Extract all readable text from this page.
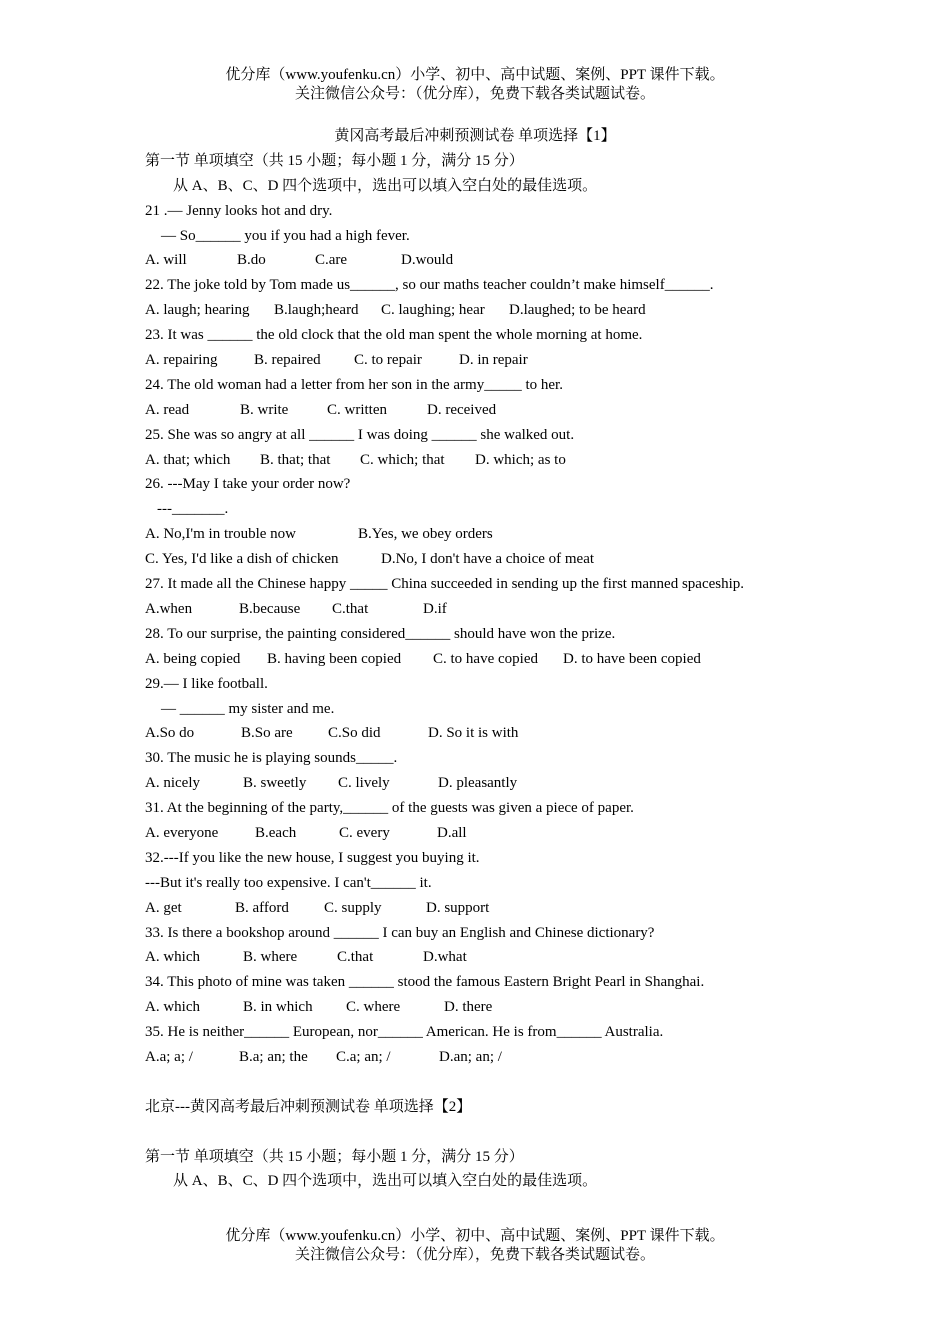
优分库（www.youfenku.cn）小学、初中、高中试题、案例、PPT 课件下载。
关注微信公众号：（优分库），免费下载各类试题试卷。
黄冈高考最后冲刺预测试卷 单项选择【1】
第一节 单项填空（共 15 小题；每小题 1 分，满分 15 分）
从 A、B、C、D 四个选项中，选出可以填入空白处的最佳选项。
21 .— Jenny looks hot and dry.
— So______ you if you had a high fever.
A. will	B.do	C.are	D.would
22. The joke told by Tom made us______, so our maths teacher couldn’t make himself______.
A. laugh; hearing	B.laugh;heard	C. laughing; hear	D.laughed; to be heard
23. It was ______ the old clock that the old man spent the whole morning at home.
A. repairing	B. repaired	C. to repair	D. in repair
24. The old woman had a letter from her son in the army_____ to her.
A. read	B. write	C. written	D. received
25. She was so angry at all ______ I was doing ______ she walked out.
A. that; which	B. that; that	C. which; that	D. which; as to
26. ---May I take your order now?
---_______.
A. No,I'm in trouble now	B.Yes, we obey orders
C. Yes, I'd like a dish of chicken	D.No, I don't have a choice of meat
27. It made all the Chinese happy _____ China succeeded in sending up the first manned spaceship.
A.when	B.because	C.that	D.if
28. To our surprise, the painting considered______ should have won the prize.
A. being copied	B. having been copied	C. to have copied	D. to have been copied
29.— I like football.
— ______ my sister and me.
A.So do	B.So are	C.So did	D. So it is with
30. The music he is playing sounds_____.
A. nicely	B. sweetly	C. lively	D. pleasantly
31. At the beginning of the party,______ of the guests was given a piece of paper.
A. everyone	B.each	C. every	D.all
32.---If you like the new house, I suggest you buying it.
---But it's really too expensive. I can't______ it.
A. get	B. afford	C. supply	D. support
33. Is there a bookshop around ______ I can buy an English and Chinese dictionary?
A. which	B. where	C.that	D.what
34. This photo of mine was taken ______ stood the famous Eastern Bright Pearl in Shanghai.
A. which	B. in which	C. where	D. there
35. He is neither______ European, nor______ American. He is from______ Australia.
A.a; a; /	B.a; an; the	C.a; an; /	D.an; an; /
北京---黄冈高考最后冲刺预测试卷 单项选择【2】
第一节 单项填空（共 15 小题；每小题 1 分，满分 15 分）
从 A、B、C、D 四个选项中，选出可以填入空白处的最佳选项。
优分库（www.youfenku.cn）小学、初中、高中试题、案例、PPT 课件下载。
关注微信公众号：（优分库），免费下载各类试题试卷。
